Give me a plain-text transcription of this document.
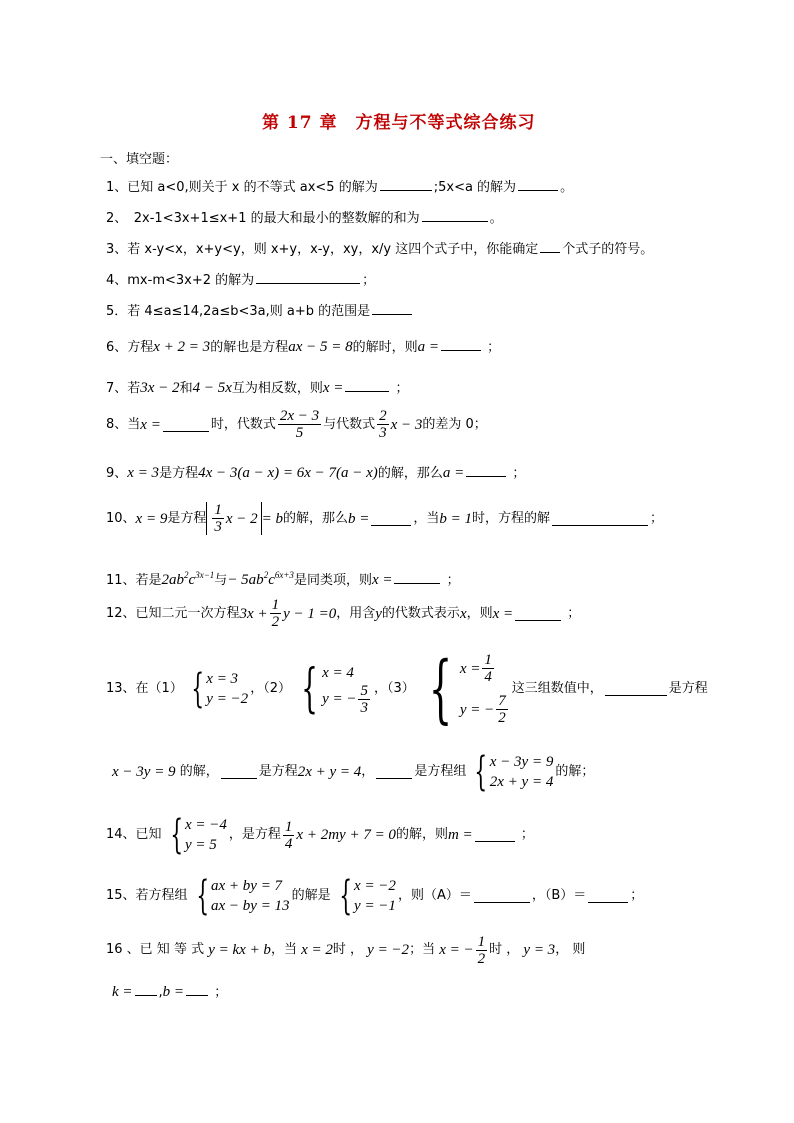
第 17 章　方程与不等式综合练习
一、填空题：
1、已知 a<0,则关于 x 的不等式 ax<5 的解为	;5x<a 的解为	。
2、　2x-1<3x+1≤x+1 的最大和最小的整数解的和为	。
3、若 x-y<x，x+y<y，则 x+y，x-y，xy，x/y 这四个式子中，你能确定 个式子的符号。
4、mx-m<3x+2 的解为	；
5．若 4≤a≤14,2a≤b<3a,则 a+b 的范围是
6、方程x + 2 = 3的解也是方程ax − 5 = 8的解时，则a =	；
7、若3x − 2和4 − 5x互为相反数，则x =	；
8、当 x =	时，代数式 $\frac{2x - 3}{5}$ 与代数式 $\frac{2}{3}$ x − 3 的差为 0；
9、x = 3是方程4x − 3(a − x) = 6x − 7(a − x)的解，那么a =	；
10、 x = 9 是方程 $\frac{1}{3}$ x − 2 = b 的解，那么 b =	，当 b = 1 时，方程的解	；
11、若是$2ab^2c^{3x-1}$与− $5ab^2c^{6x+3}$是同类项，则x =	；
12、已知二元一次方程 $3x + \frac{1}{2}$ y − 1 =0 ，用含 y 的代数式表示 x ，则 x =
	；
13、在（1） { x = 3
y = −2
，（2） { x = 4
y = − $\frac{5}{3}$ ，（3） { $x = \frac{1}{4}$
y = − $\frac{7}{2}$
这三组数值中，	是方程
x − 3y = 9
的解，	是方程 2x + y = 4 ，	是方程组 { x − 3y = 9
2x + y = 4
的解；
14、已知 { x = −4
y = 5
，是方程 $\frac{1}{4}$ x + 2my + 7 = 0 的解，则 m =
	；
15、若方程组 { ax + by = 7
ax − by = 13
的解是 { x = −2
y = −1
，则（A）＝	，（B）＝	；
16 、已 知 等 式
y = kx + b ，当
x = 2 时 ，
y = −2 ；当
x = − $\frac{1}{2}$ 时 ，
y = 3 ， 则
k = ,b = ；
